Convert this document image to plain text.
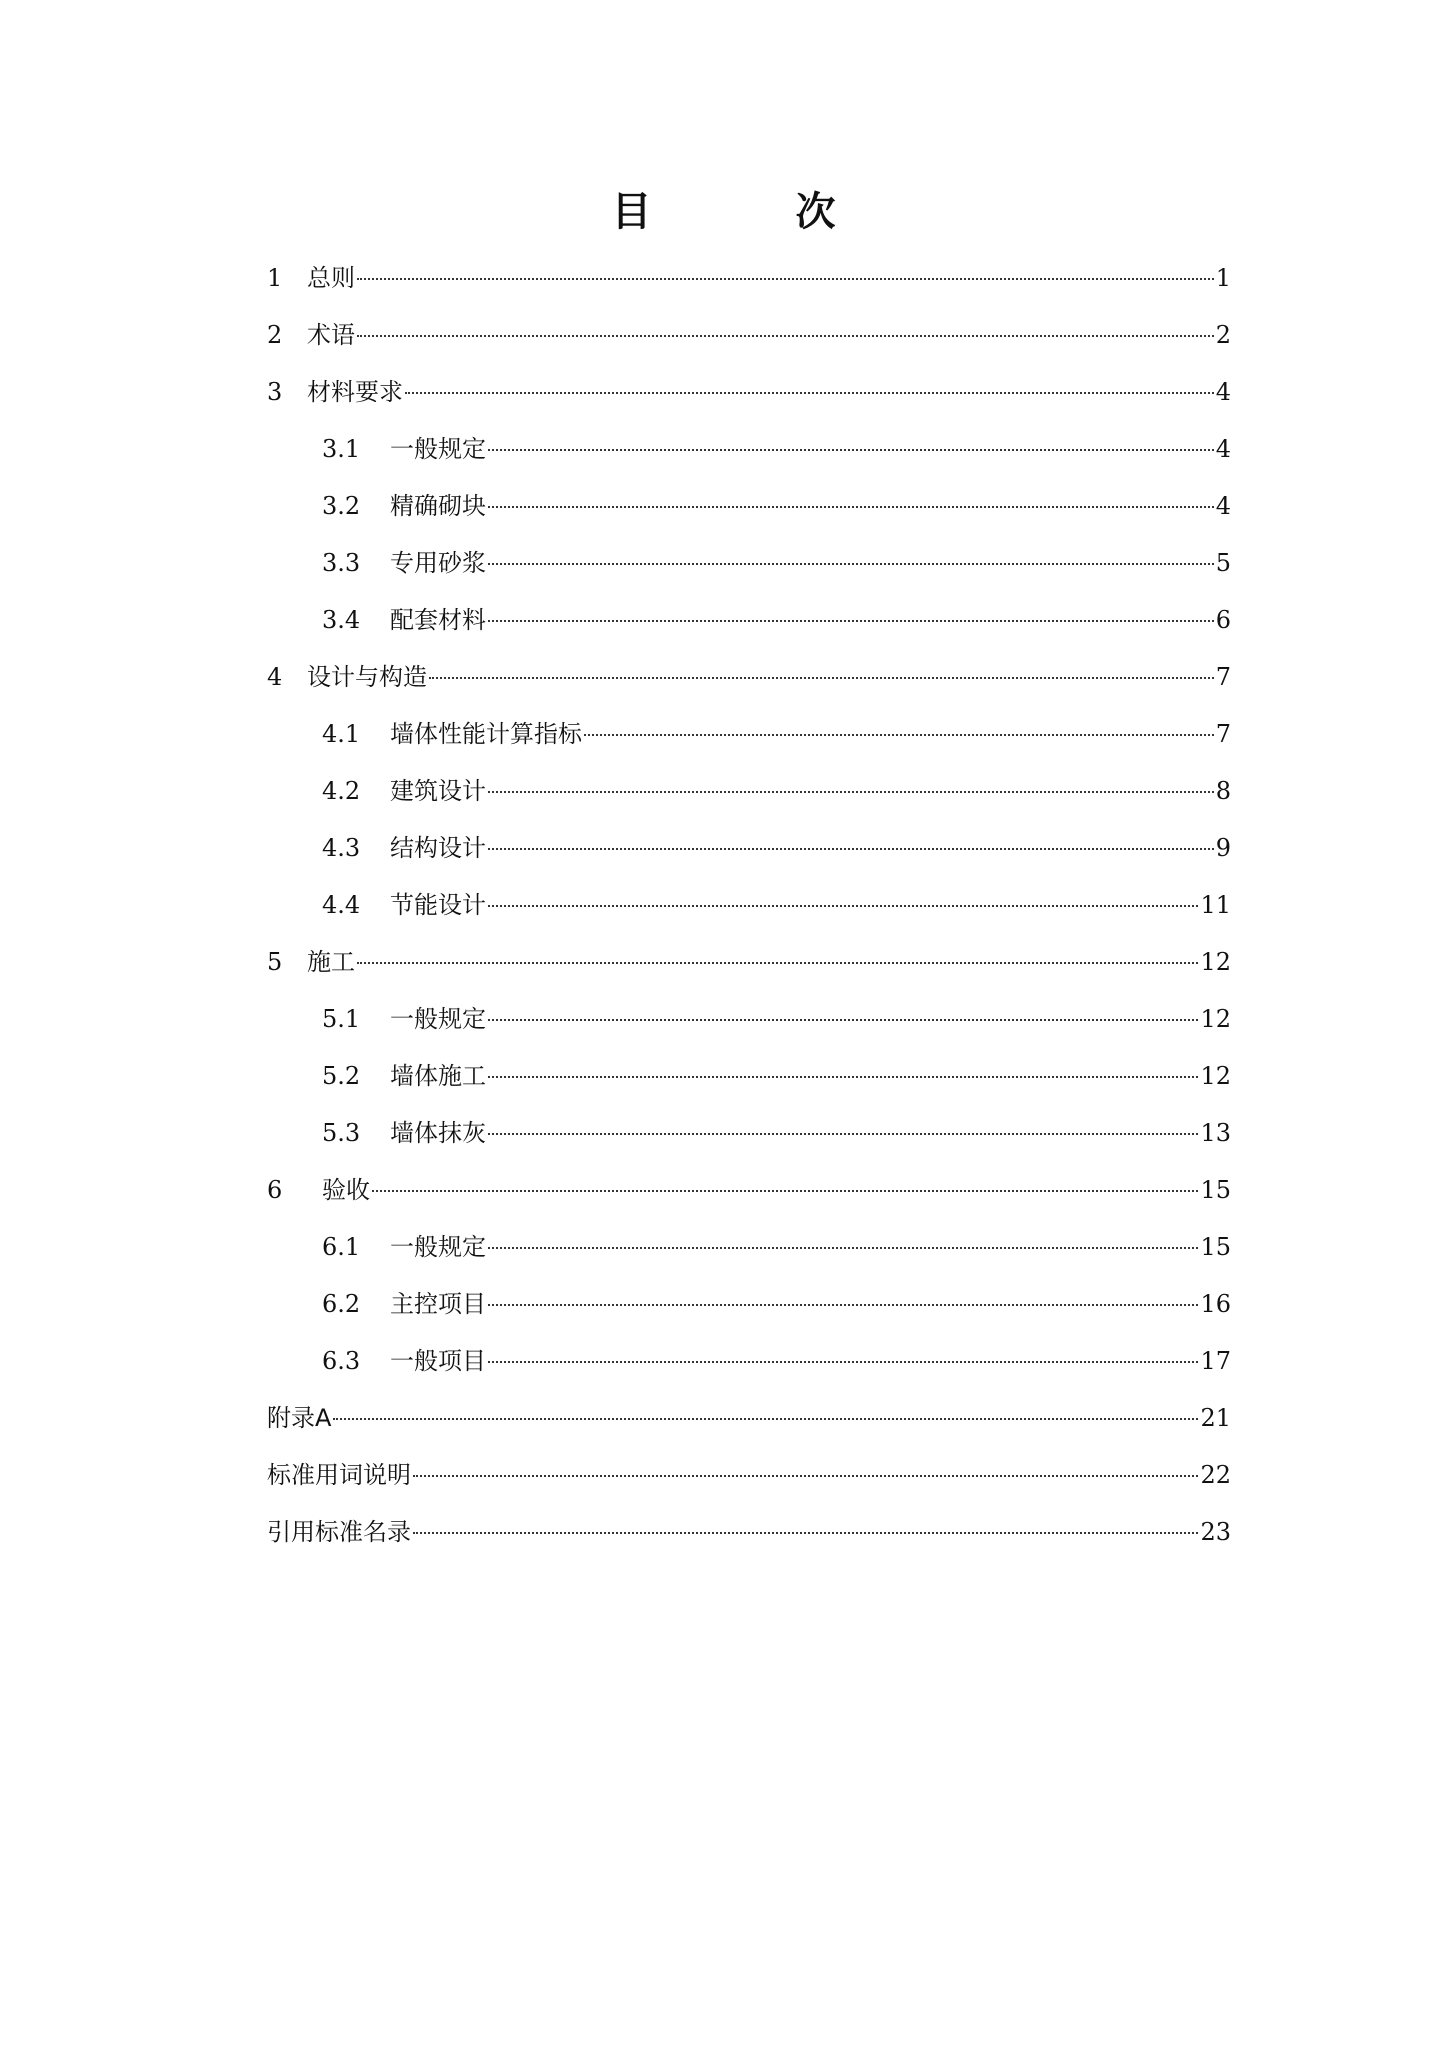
目　次
1	总则	1
2	术语	2
3	材料要求	4
3.1	一般规定	4
3.2	精确砌块	4
3.3	专用砂浆	5
3.4	配套材料	6
4	设计与构造	7
4.1	墙体性能计算指标	7
4.2	建筑设计	8
4.3	结构设计	9
4.4	节能设计	11
5	施工	12
5.1	一般规定	12
5.2	墙体施工	12
5.3	墙体抹灰	13
6	验收	15
6.1	一般规定	15
6.2	主控项目	16
6.3	一般项目	17
附录A	21
标准用词说明	22
引用标准名录	23
